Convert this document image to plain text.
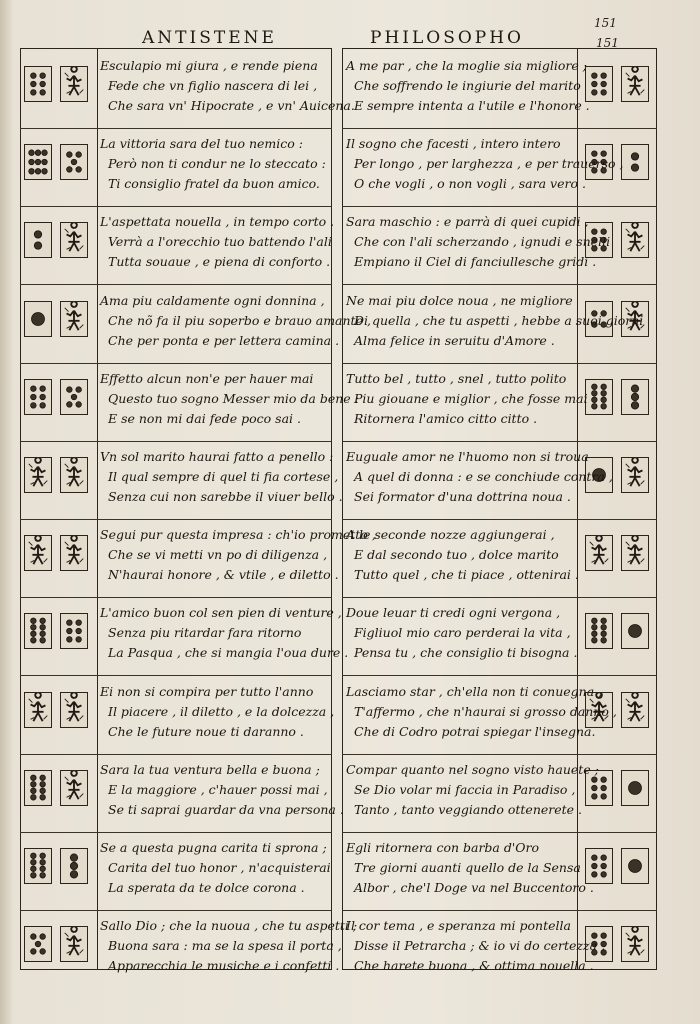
151
151
ANTISTENE	PHILOSOPHO
Esculapio mi giura , e rende piena
Fede che vn figlio nascera di lei ,
Che sara vn' Hipocrate , e vn' Auicena.
La vittoria sara del tuo nemico :
Però non ti condur ne lo steccato :
Ti consiglio fratel da buon amico.
L'aspettata nouella , in tempo corto .
Verrà a l'orecchio tuo battendo l'ali
Tutta souaue , e piena di conforto .
Ama piu caldamente ogni donnina ,
Che nõ fa il piu soperbo e brauo amante ,
Che per ponta e per lettera camina .
Effetto alcun non'e per hauer mai
Questo tuo sogno Messer mio da bene :
E se non mi dai fede poco sai .
Vn sol marito haurai fatto a penello :
Il qual sempre di quel ti fia cortese ,
Senza cui non sarebbe il viuer bello .
Segui pur questa impresa : ch'io prometto ,
Che se vi metti vn po di diligenza ,
N'haurai honore , & vtile , e diletto .
L'amico buon col sen pien di venture ,
Senza piu ritardar fara ritorno
La Pasqua , che si mangia l'oua dure .
Ei non si compira per tutto l'anno
Il piacere , il diletto , e la dolcezza ,
Che le future noue ti daranno .
Sara la tua ventura bella e buona ;
E la maggiore , c'hauer possi mai ,
Se ti saprai guardar da vna persona .
Se a questa pugna carita ti sprona ;
Carita del tuo honor , n'acquisterai
La sperata da te dolce corona .
Sallo Dio ; che la nuoua , che tu aspetti ;
Buona sara : ma se la spesa il porta ,
Apparecchia le musiche e i confetti .
A me par , che la moglie sia migliore ;
Che soffrendo le ingiurie del marito
E sempre intenta a l'utile e l'honore .
Il sogno che facesti , intero intero
Per longo , per larghezza , e per trauerso ,
O che vogli , o non vogli , sara vero .
Sara maschio : e parrà di quei cupidi ,
Che con l'ali scherzando , ignudi e snelli
Empiano il Ciel di fanciullesche gridi .
Ne mai piu dolce noua , ne migliore
Di quella , che tu aspetti , hebbe a suoi giorni
Alma felice in seruitu d'Amore .
Tutto bel , tutto , snel , tutto polito
Piu giouane e miglior , che fosse mai
Ritornera l'amico citto citto .
Euguale amor ne l'huomo non si troua
A quel di donna : e se conchiude contra ,
Sei formator d'una dottrina noua .
A le seconde nozze aggiungerai ,
E dal secondo tuo , dolce marito
Tutto quel , che ti piace , ottenirai .
Doue leuar ti credi ogni vergona ,
Figliuol mio caro perderai la vita ,
Pensa tu , che consiglio ti bisogna .
Lasciamo star , ch'ella non ti conuegna ,
T'affermo , che n'haurai si grosso danno ,
Che di Codro potrai spiegar l'insegna.
Compar quanto nel sogno visto hauete ;
Se Dio volar mi faccia in Paradiso ,
Tanto , tanto veggiando ottenerete .
Egli ritornera con barba d'Oro
Tre giorni auanti quello de la Sensa
Albor , che'l Doge va nel Buccentoro .
Il cor tema , e speranza mi pontella
Disse il Petrarcha ; & io vi do certezza ,
Che harete buona , & ottima nouella .
